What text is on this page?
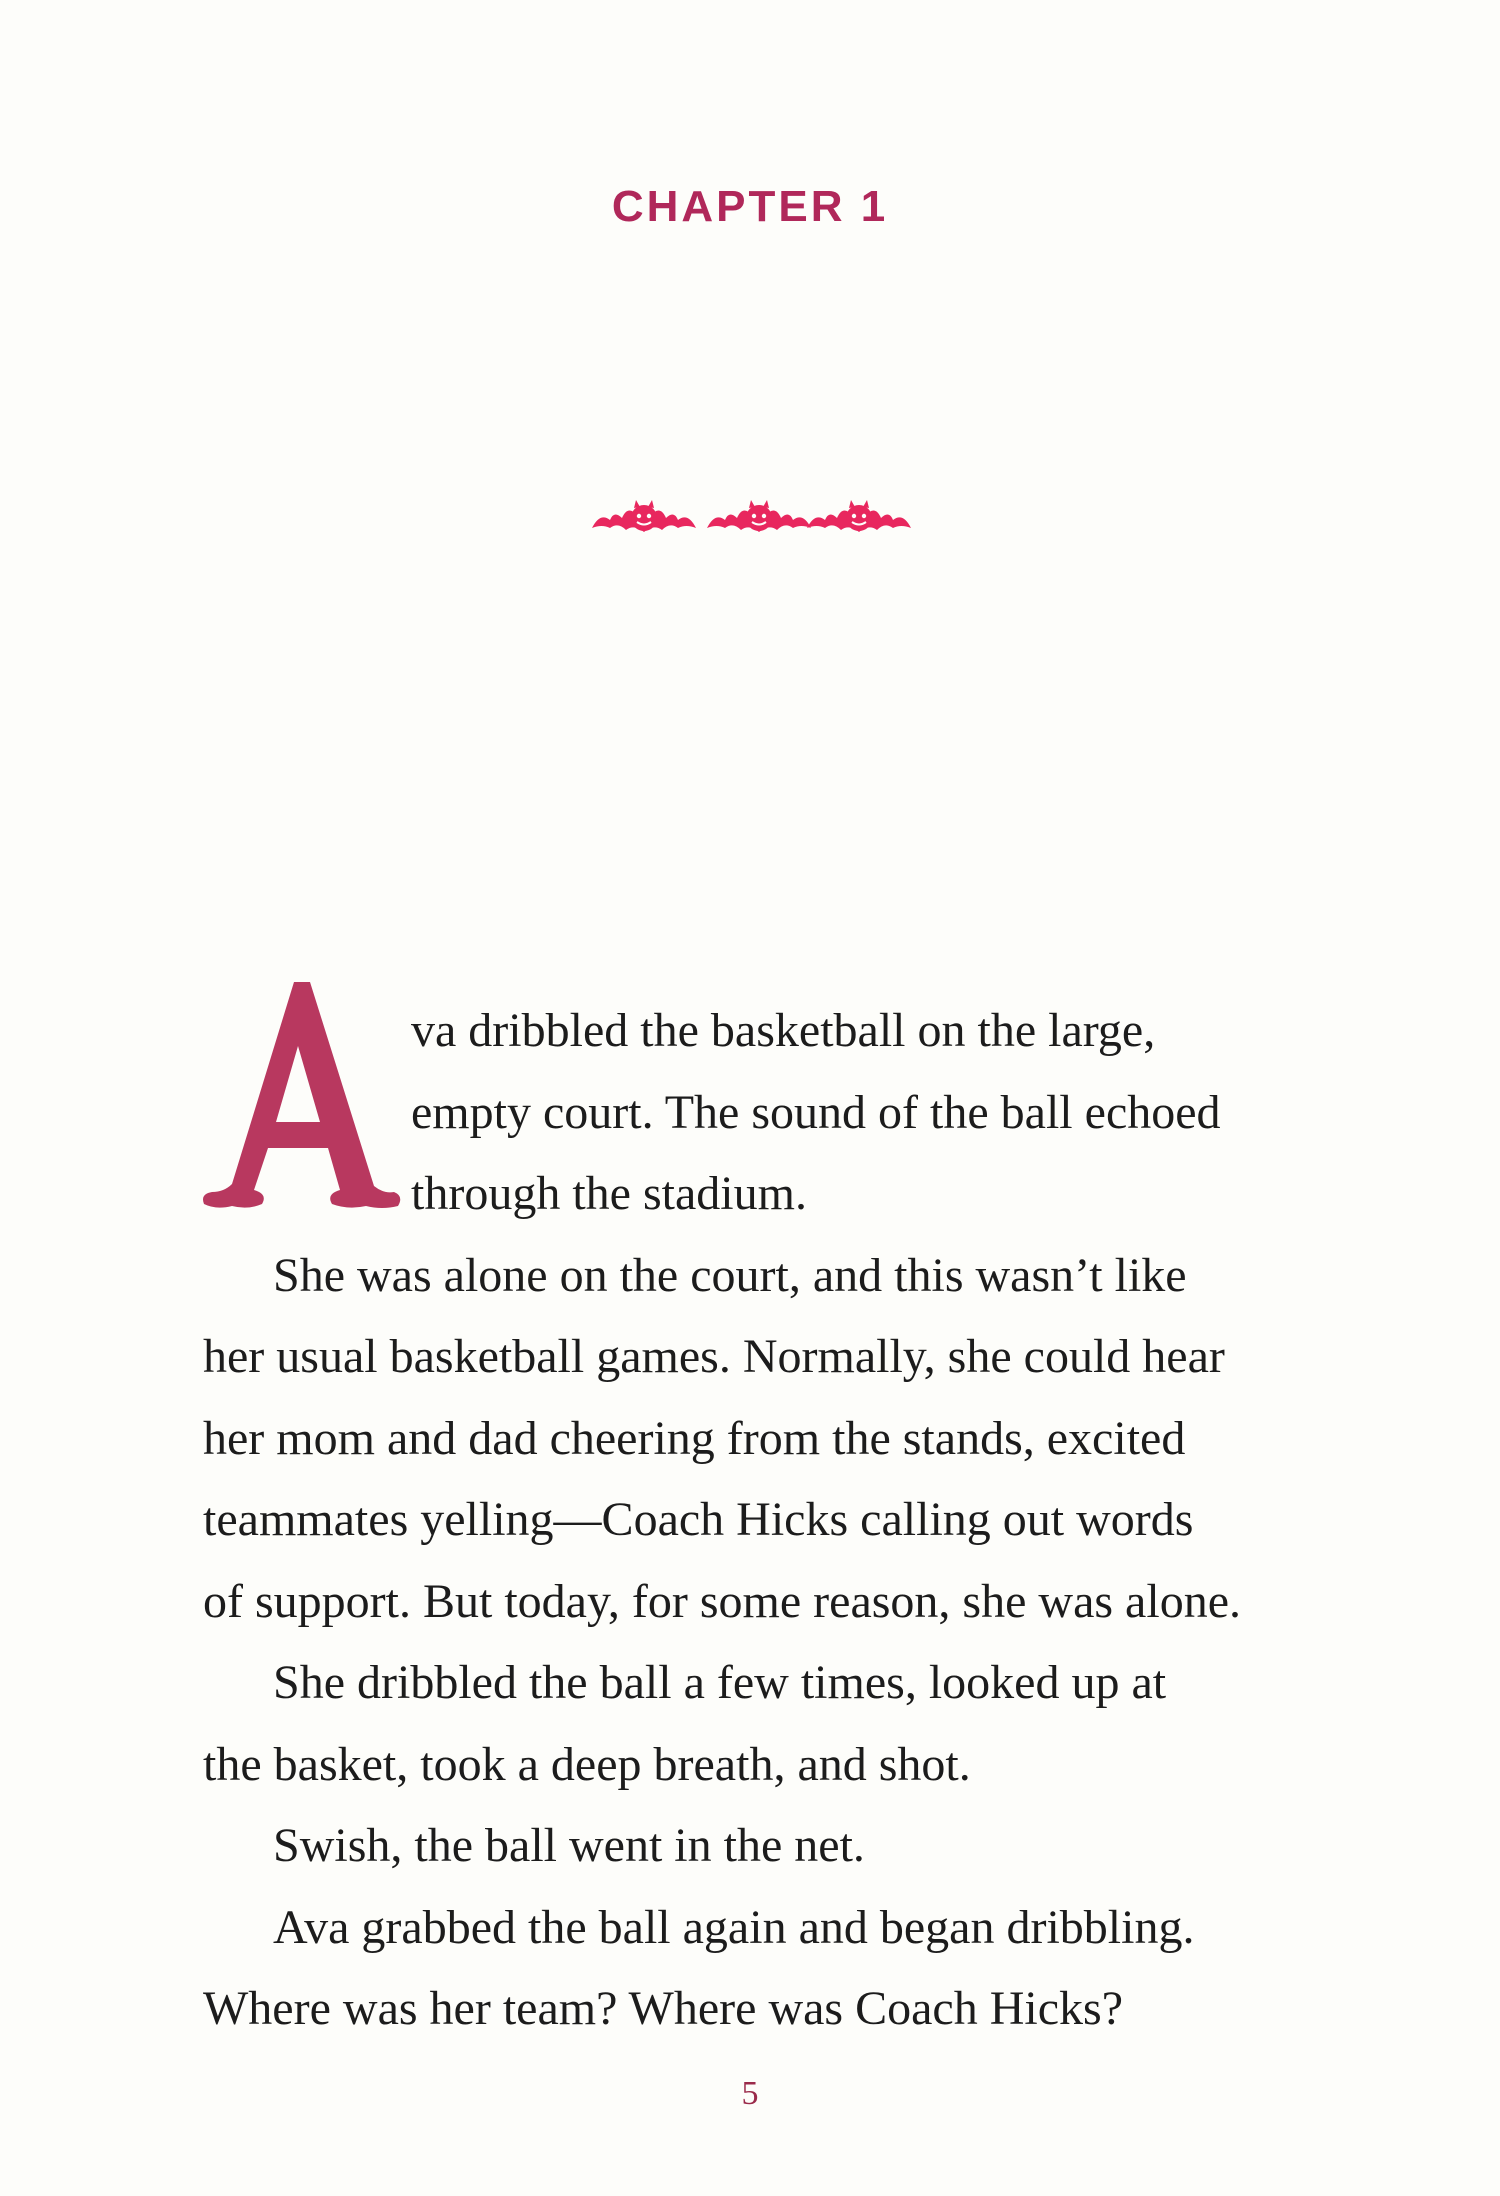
CHAPTER 1
A
va dribbled the basketball on the large,
empty court. The sound of the ball echoed
through the stadium.
She was alone on the court, and this wasn’t like
her usual basketball games. Normally, she could hear
her mom and dad cheering from the stands, excited
teammates yelling—Coach Hicks calling out words
of support. But today, for some reason, she was alone.
She dribbled the ball a few times, looked up at
the basket, took a deep breath, and shot.
Swish, the ball went in the net.
Ava grabbed the ball again and began dribbling.
Where was her team? Where was Coach Hicks?
5
